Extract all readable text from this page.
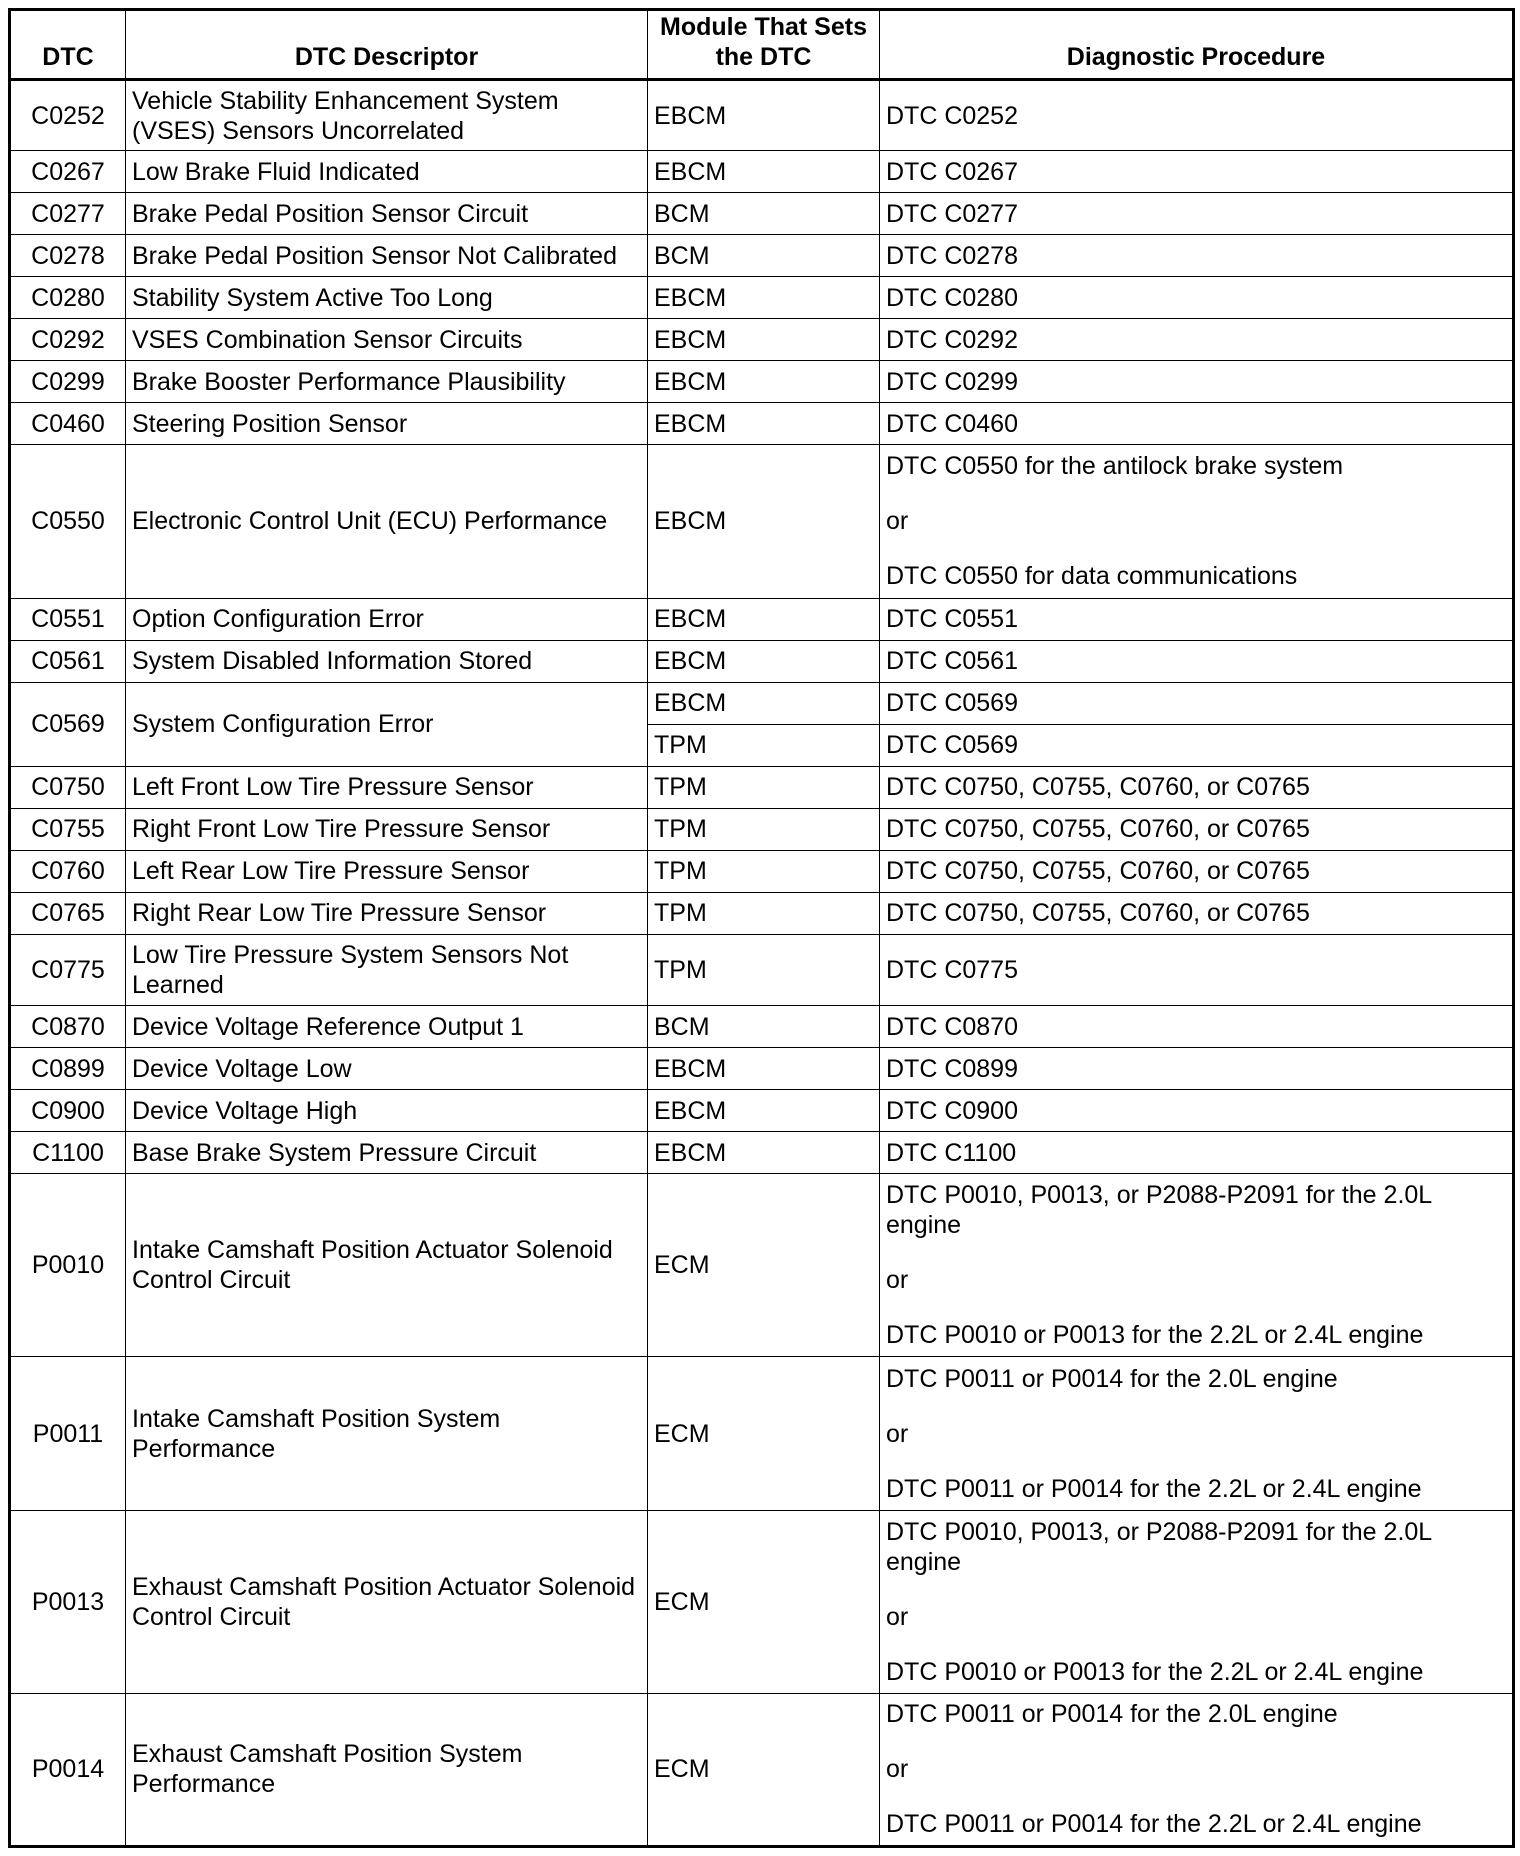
DTC	DTC Descriptor	Module That Sets the DTC	Diagnostic Procedure
C0252	Vehicle Stability Enhancement System (VSES) Sensors Uncorrelated	EBCM	DTC C0252
C0267	Low Brake Fluid Indicated	EBCM	DTC C0267
C0277	Brake Pedal Position Sensor Circuit	BCM	DTC C0277
C0278	Brake Pedal Position Sensor Not Calibrated	BCM	DTC C0278
C0280	Stability System Active Too Long	EBCM	DTC C0280
C0292	VSES Combination Sensor Circuits	EBCM	DTC C0292
C0299	Brake Booster Performance Plausibility	EBCM	DTC C0299
C0460	Steering Position Sensor	EBCM	DTC C0460
C0550	Electronic Control Unit (ECU) Performance	EBCM	DTC C0550 for the antilock brake system
or
DTC C0550 for data communications

C0551	Option Configuration Error	EBCM	DTC C0551
C0561	System Disabled Information Stored	EBCM	DTC C0561
C0569	System Configuration Error	EBCM	DTC C0569
		TPM	DTC C0569
C0750	Left Front Low Tire Pressure Sensor	TPM	DTC C0750, C0755, C0760, or C0765
C0755	Right Front Low Tire Pressure Sensor	TPM	DTC C0750, C0755, C0760, or C0765
C0760	Left Rear Low Tire Pressure Sensor	TPM	DTC C0750, C0755, C0760, or C0765
C0765	Right Rear Low Tire Pressure Sensor	TPM	DTC C0750, C0755, C0760, or C0765
C0775	Low Tire Pressure System Sensors Not Learned	TPM	DTC C0775
C0870	Device Voltage Reference Output 1	BCM	DTC C0870
C0899	Device Voltage Low	EBCM	DTC C0899
C0900	Device Voltage High	EBCM	DTC C0900
C1100	Base Brake System Pressure Circuit	EBCM	DTC C1100
P0010	Intake Camshaft Position Actuator Solenoid Control Circuit	ECM	DTC P0010, P0013, or P2088-P2091 for the 2.0L engine
or
DTC P0010 or P0013 for the 2.2L or 2.4L engine

P0011	Intake Camshaft Position System Performance	ECM	DTC P0011 or P0014 for the 2.0L engine
or
DTC P0011 or P0014 for the 2.2L or 2.4L engine

P0013	Exhaust Camshaft Position Actuator Solenoid Control Circuit	ECM	DTC P0010, P0013, or P2088-P2091 for the 2.0L engine
or
DTC P0010 or P0013 for the 2.2L or 2.4L engine

P0014	Exhaust Camshaft Position System Performance	ECM	DTC P0011 or P0014 for the 2.0L engine
or
DTC P0011 or P0014 for the 2.2L or 2.4L engine
